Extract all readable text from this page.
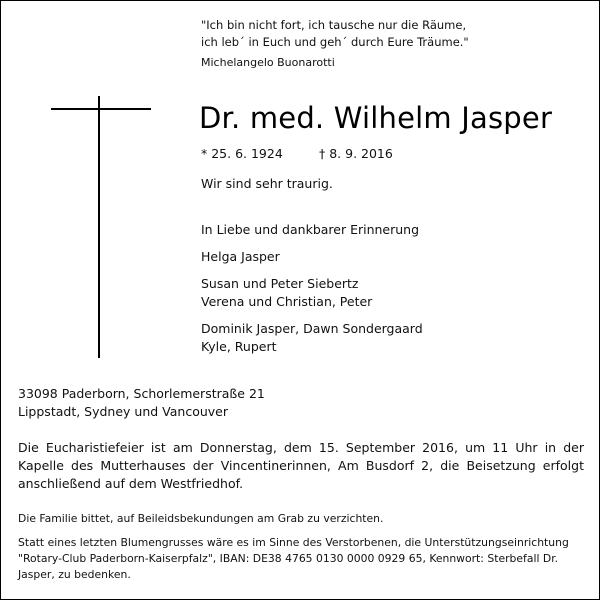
"Ich bin nicht fort, ich tausche nur die Räume,
ich leb´ in Euch und geh´ durch Eure Träume."
Michelangelo Buonarotti
Dr. med. Wilhelm Jasper
* 25. 6. 1924	† 8. 9. 2016
Wir sind sehr traurig.
In Liebe und dankbarer Erinnerung
Helga Jasper
Susan und Peter Siebertz
Verena und Christian, Peter
Dominik Jasper, Dawn Sondergaard
Kyle, Rupert
33098 Paderborn, Schorlemerstraße 21
Lippstadt, Sydney und Vancouver
Die Eucharistiefeier ist am Donnerstag, dem 15. September 2016, um 11 Uhr in der Kapelle des Mutterhauses der Vincentinerinnen, Am Busdorf 2, die Beisetzung erfolgt anschließend auf dem Westfriedhof.
Die Familie bittet, auf Beileidsbekundungen am Grab zu verzichten.
Statt eines letzten Blumengrusses wäre es im Sinne des Verstorbenen, die Unterstützungseinrichtung "Rotary-Club Paderborn-Kaiserpfalz", IBAN: DE38 4765 0130 0000 0929 65, Kennwort: Sterbefall Dr. Jasper, zu bedenken.
